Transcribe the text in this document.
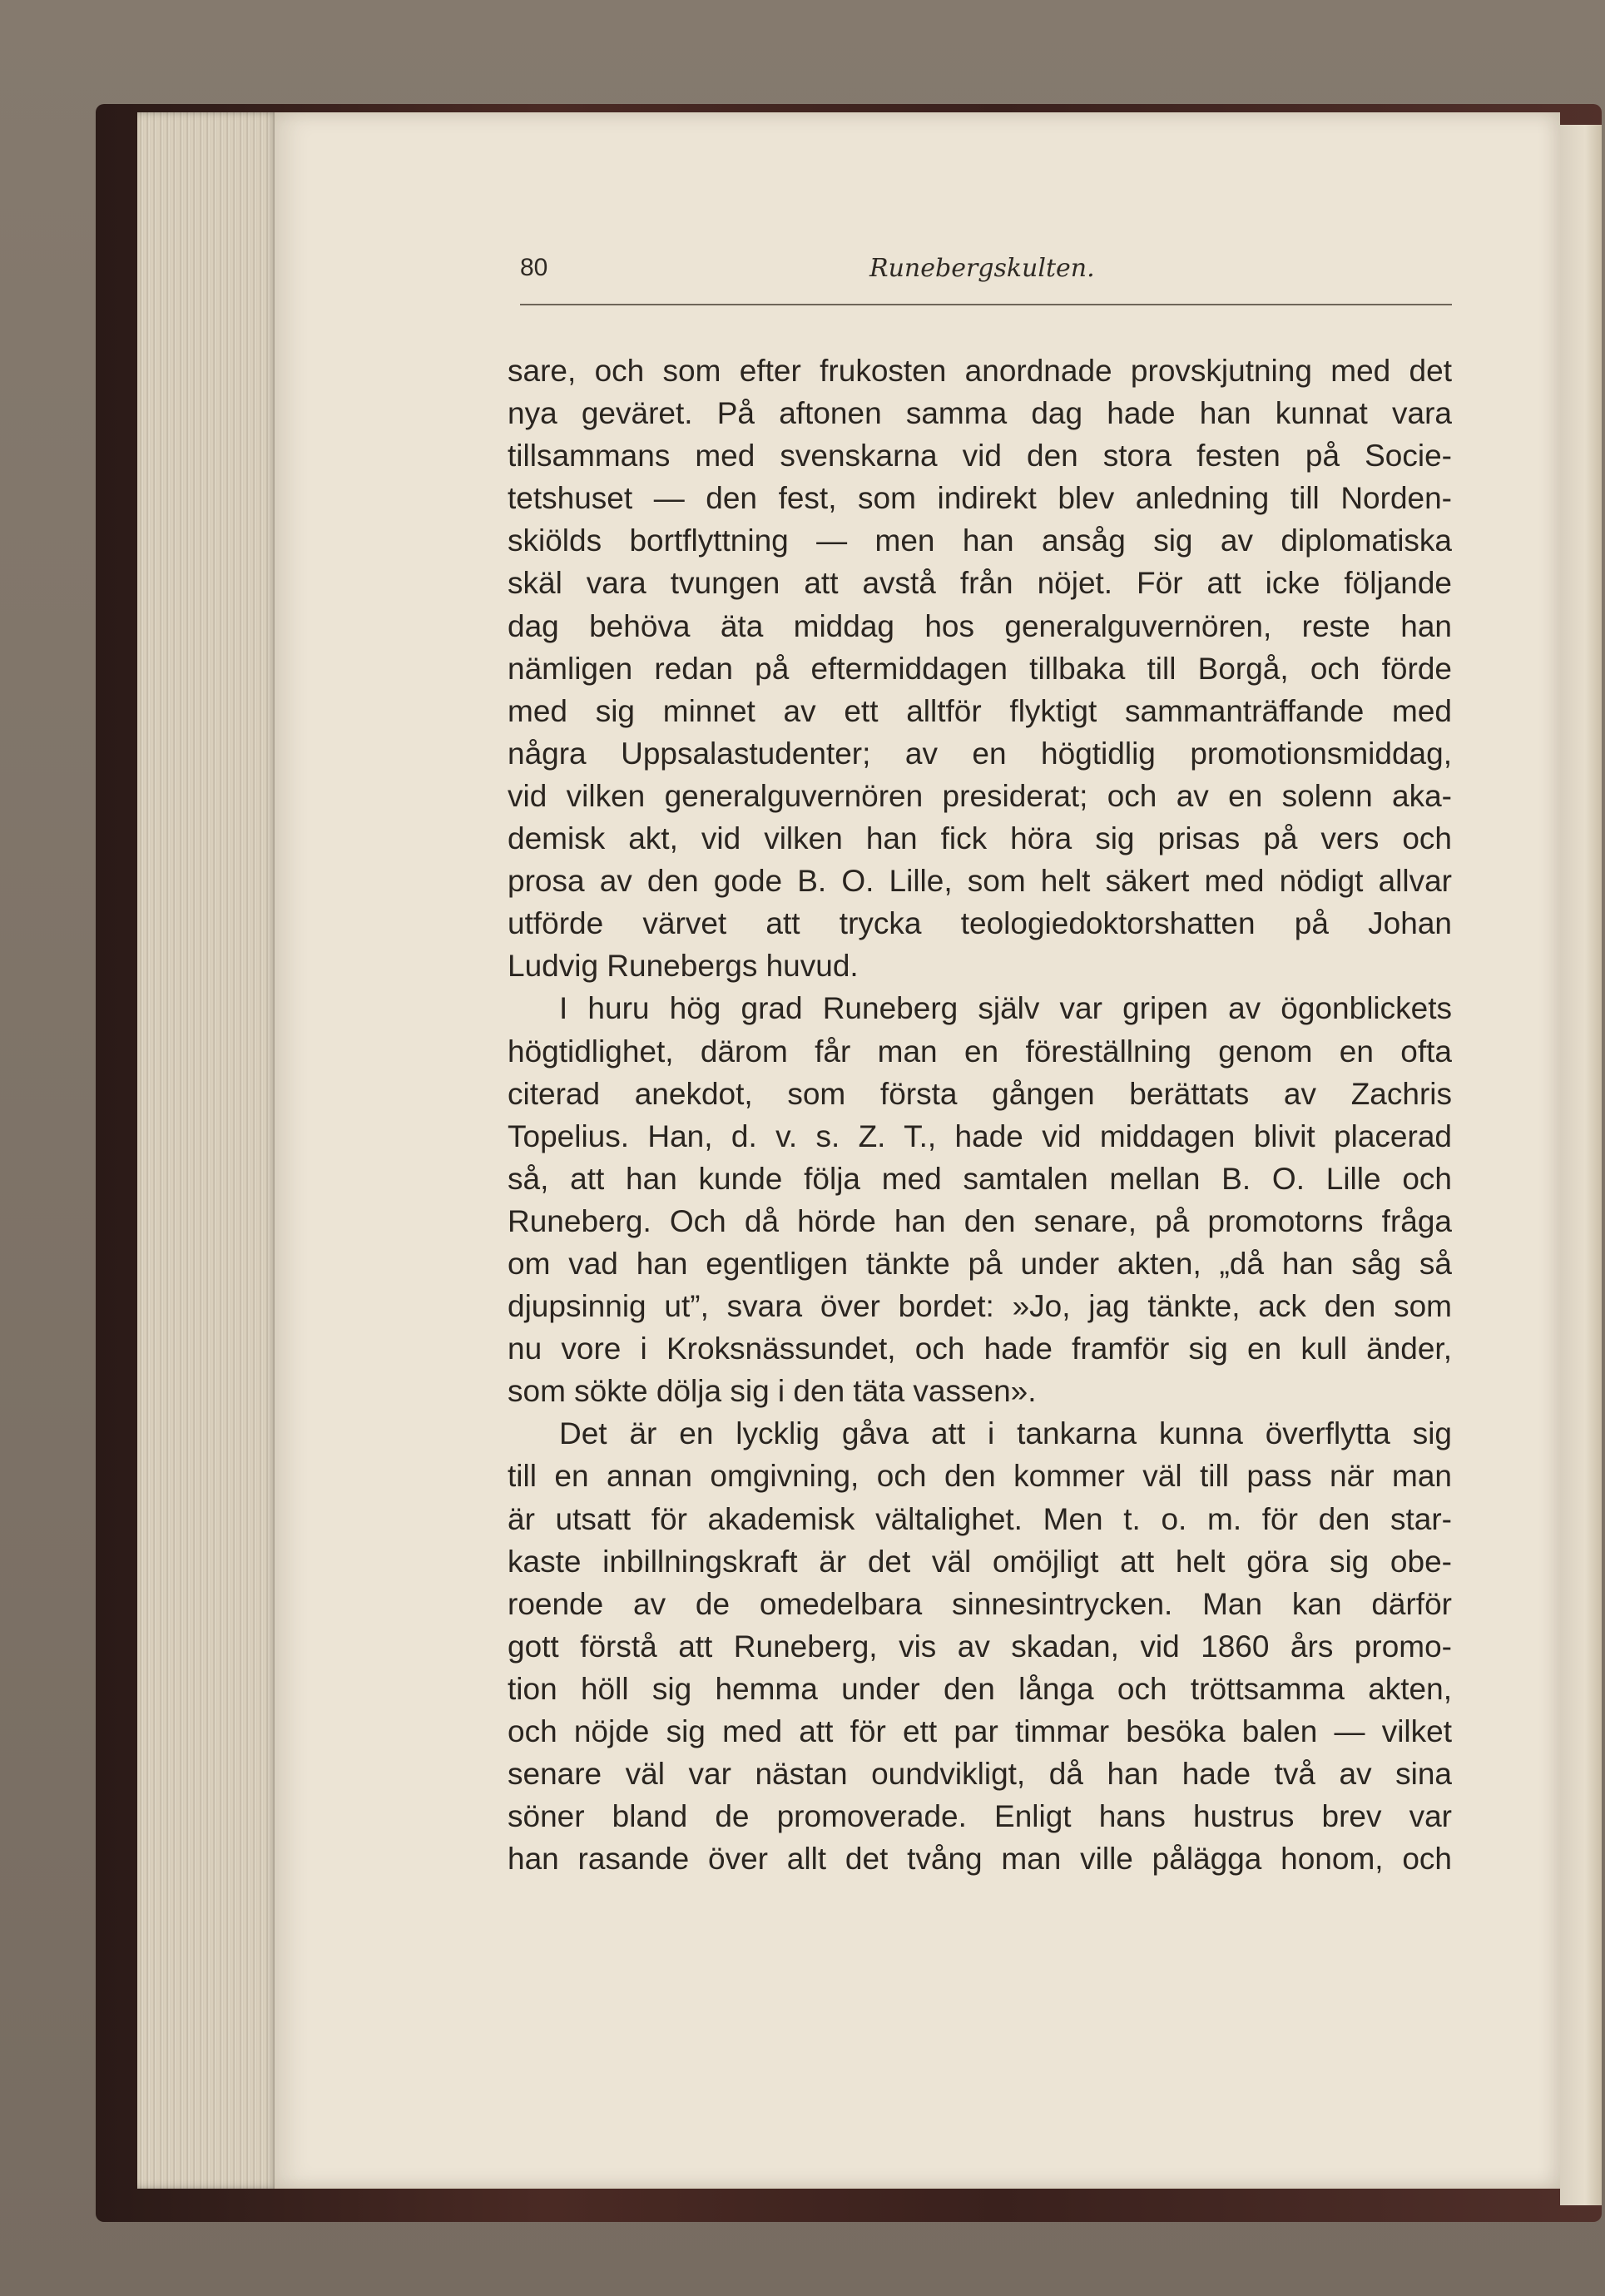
80	Runebergskulten.
sare, och som efter frukosten anordnade provskjutning med det
nya geväret. På aftonen samma dag hade han kunnat vara
tillsammans med svenskarna vid den stora festen på Socie-
tetshuset — den fest, som indirekt blev anledning till Norden-
skiölds bortflyttning — men han ansåg sig av diplomatiska
skäl vara tvungen att avstå från nöjet. För att icke följande
dag behöva äta middag hos generalguvernören, reste han
nämligen redan på eftermiddagen tillbaka till Borgå, och förde
med sig minnet av ett alltför flyktigt sammanträffande med
några Uppsalastudenter; av en högtidlig promotionsmiddag,
vid vilken generalguvernören presiderat; och av en solenn aka-
demisk akt, vid vilken han fick höra sig prisas på vers och
prosa av den gode B. O. Lille, som helt säkert med nödigt allvar
utförde värvet att trycka teologiedoktorshatten på Johan
Ludvig Runebergs huvud.
I huru hög grad Runeberg själv var gripen av ögonblickets
högtidlighet, därom får man en föreställning genom en ofta
citerad anekdot, som första gången berättats av Zachris
Topelius. Han, d. v. s. Z. T., hade vid middagen blivit placerad
så, att han kunde följa med samtalen mellan B. O. Lille och
Runeberg. Och då hörde han den senare, på promotorns fråga
om vad han egentligen tänkte på under akten, „då han såg så
djupsinnig ut”, svara över bordet: »Jo, jag tänkte, ack den som
nu vore i Kroksnässundet, och hade framför sig en kull änder,
som sökte dölja sig i den täta vassen».
Det är en lycklig gåva att i tankarna kunna överflytta sig
till en annan omgivning, och den kommer väl till pass när man
är utsatt för akademisk vältalighet. Men t. o. m. för den star-
kaste inbillningskraft är det väl omöjligt att helt göra sig obe-
roende av de omedelbara sinnesintrycken. Man kan därför
gott förstå att Runeberg, vis av skadan, vid 1860 års promo-
tion höll sig hemma under den långa och tröttsamma akten,
och nöjde sig med att för ett par timmar besöka balen — vilket
senare väl var nästan oundvikligt, då han hade två av sina
söner bland de promoverade. Enligt hans hustrus brev var
han rasande över allt det tvång man ville pålägga honom, och
